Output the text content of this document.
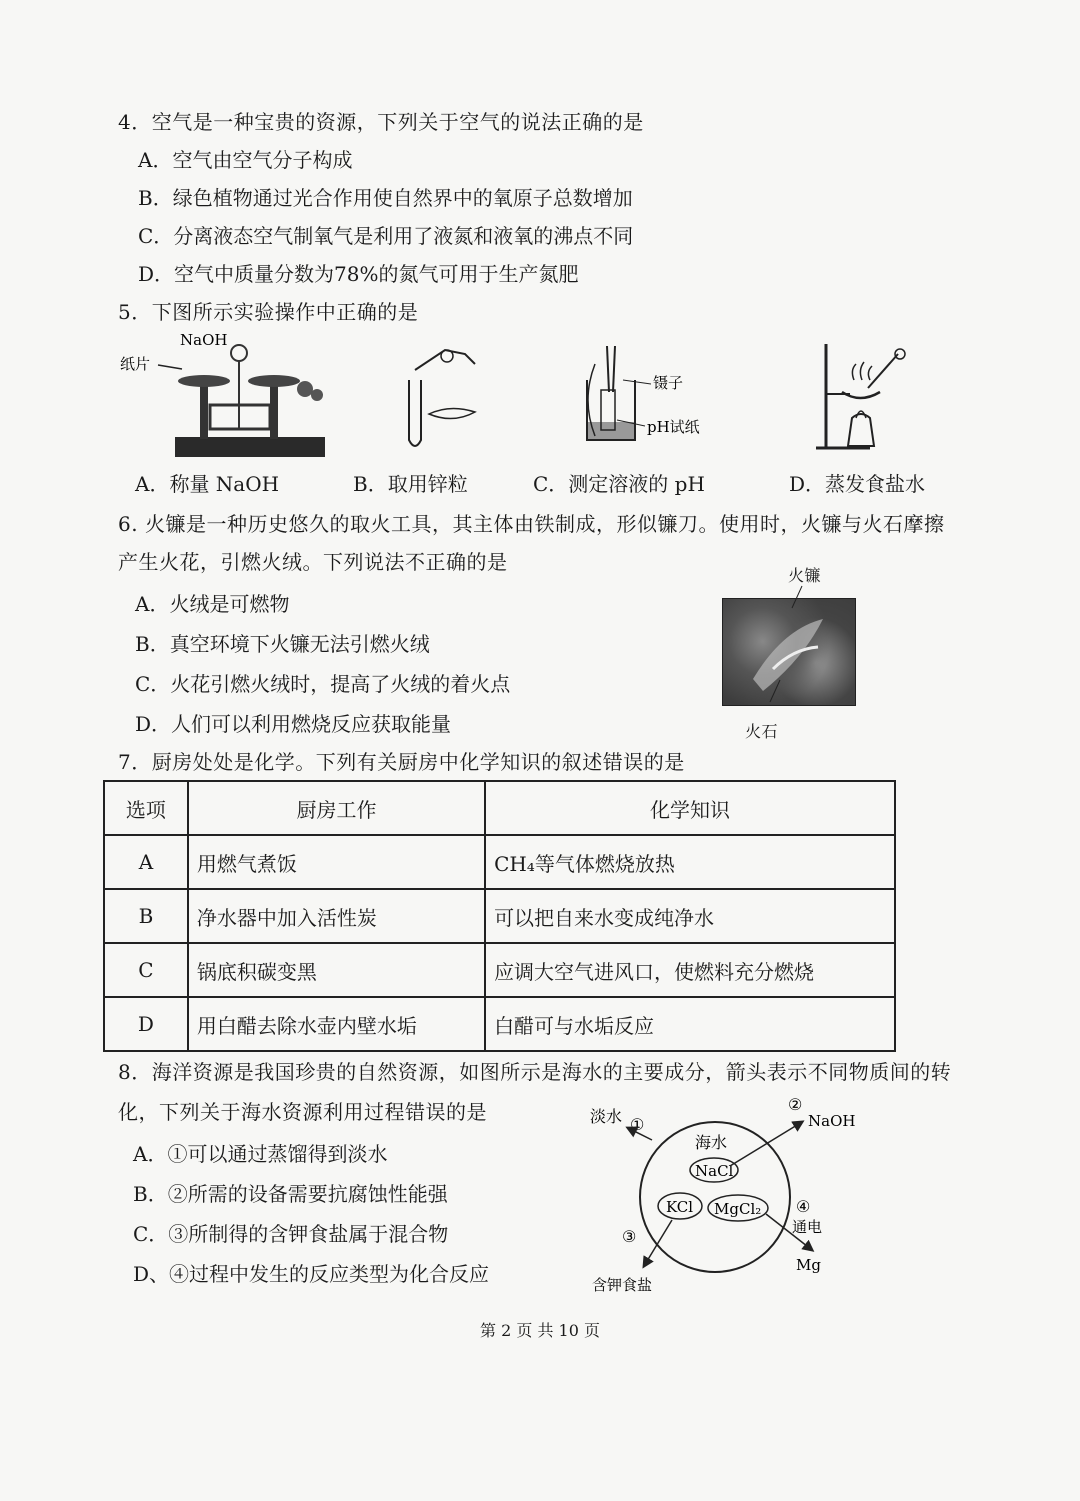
4．空气是一种宝贵的资源，下列关于空气的说法正确的是
A．空气由空气分子构成
B．绿色植物通过光合作用使自然界中的氧原子总数增加
C．分离液态空气制氧气是利用了液氮和液氧的沸点不同
D．空气中质量分数为78%的氮气可用于生产氮肥
5．下图所示实验操作中正确的是
NaOH
纸片
镊子
pH试纸
A．称量 NaOH	B．取用锌粒	C．测定溶液的 pH	D．蒸发食盐水
6. 火镰是一种历史悠久的取火工具，其主体由铁制成，形似镰刀。使用时，火镰与火石摩擦
产生火花，引燃火绒。下列说法不正确的是
A．火绒是可燃物
B．真空环境下火镰无法引燃火绒
C．火花引燃火绒时，提高了火绒的着火点
D．人们可以利用燃烧反应获取能量
火镰
火石
7．厨房处处是化学。下列有关厨房中化学知识的叙述错误的是
选项	厨房工作	化学知识
A	用燃气煮饭	CH₄等气体燃烧放热
B	净水器中加入活性炭	可以把自来水变成纯净水
C	锅底积碳变黑	应调大空气进风口，使燃料充分燃烧
D	用白醋去除水壶内壁水垢	白醋可与水垢反应
8．海洋资源是我国珍贵的自然资源，如图所示是海水的主要成分，箭头表示不同物质间的转
化，下列关于海水资源利用过程错误的是
A．①可以通过蒸馏得到淡水
B．②所需的设备需要抗腐蚀性能强
C．③所制得的含钾食盐属于混合物
D、④过程中发生的反应类型为化合反应
海水
NaCl
KCl MgCl₂
淡水 ①
②
NaOH
④
通电
Mg
③
含钾食盐
第 2 页 共 10 页
